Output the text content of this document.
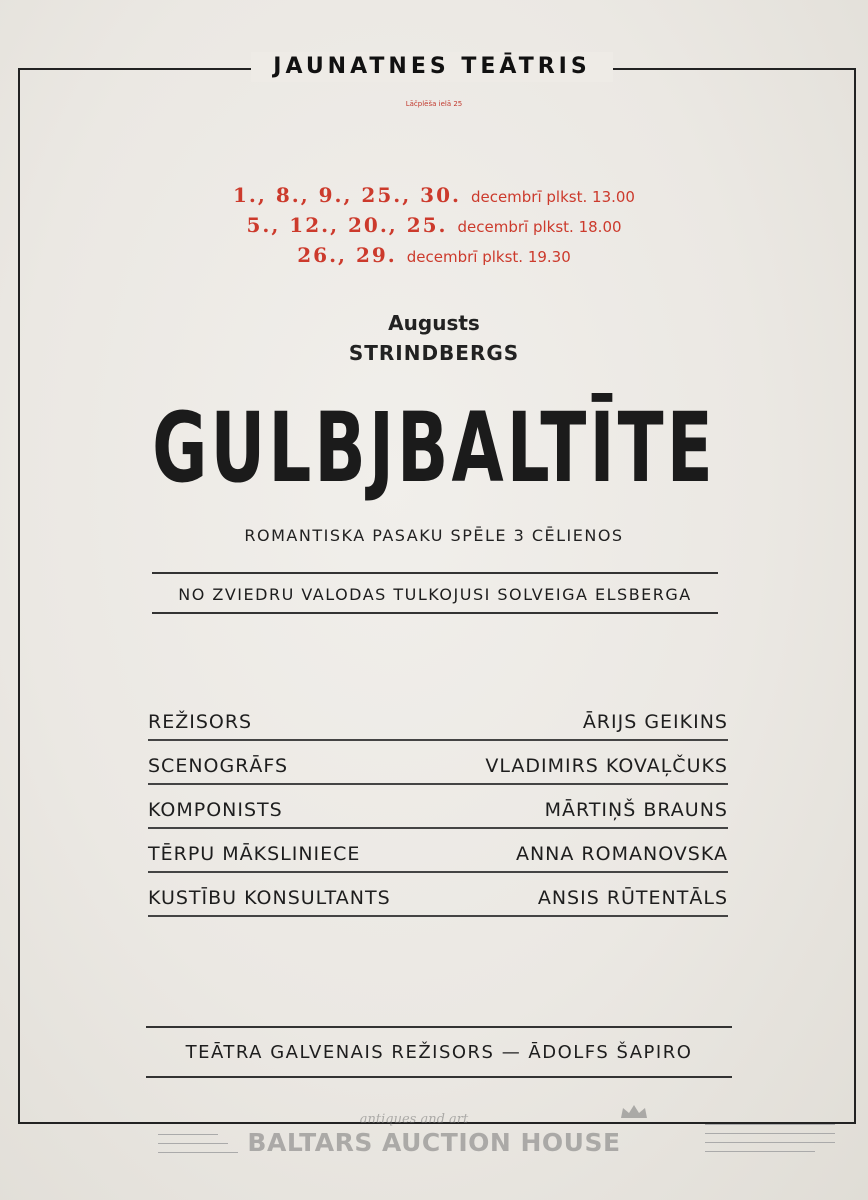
JAUNATNES TEĀTRIS
Lāčplēša ielā 25
1., 8., 9., 25., 30. decembrī plkst. 13.00
5., 12., 20., 25. decembrī plkst. 18.00
26., 29. decembrī plkst. 19.30
Augusts
STRINDBERGS
GULBJBALTĪTE
ROMANTISKA PASAKU SPĒLE 3 CĒLIENOS
NO ZVIEDRU VALODAS TULKOJUSI SOLVEIGA ELSBERGA
REŽISORS	ĀRIJS GEIKINS
SCENOGRĀFS	VLADIMIRS KOVAĻČUKS
KOMPONISTS	MĀRTIŅŠ BRAUNS
TĒRPU MĀKSLINIECE	ANNA ROMANOVSKA
KUSTĪBU KONSULTANTS	ANSIS RŪTENTĀLS
TEĀTRA GALVENAIS REŽISORS — ĀDOLFS ŠAPIRO
antiques and art
BALTARS AUCTION HOUSE
